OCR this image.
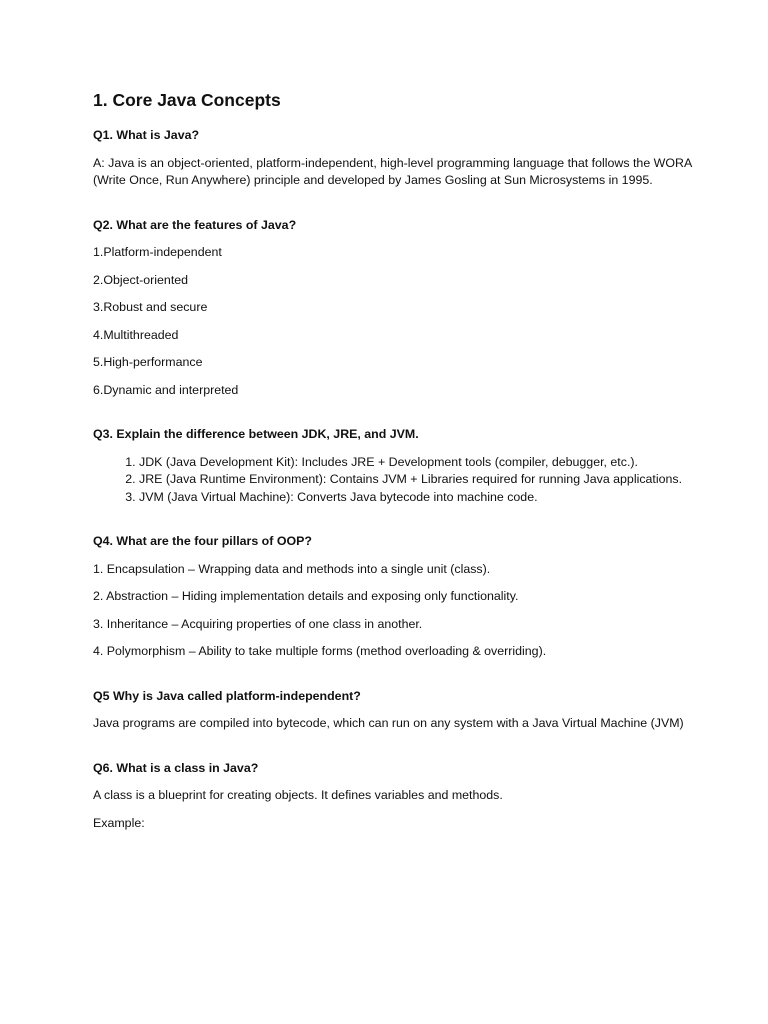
1. Core Java Concepts

Q1. What is Java?

A: Java is an object-oriented, platform-independent, high-level programming language that follows the WORA (Write Once, Run Anywhere) principle and developed by James Gosling at Sun Microsystems in 1995.

Q2. What are the features of Java?

1.Platform-independent

2.Object-oriented

3.Robust and secure

4.Multithreaded

5.High-performance

6.Dynamic and interpreted

Q3. Explain the difference between JDK, JRE, and JVM.

1. JDK (Java Development Kit): Includes JRE + Development tools (compiler, debugger, etc.).
2. JRE (Java Runtime Environment): Contains JVM + Libraries required for running Java applications.
3. JVM (Java Virtual Machine): Converts Java bytecode into machine code.

Q4. What are the four pillars of OOP?

1. Encapsulation – Wrapping data and methods into a single unit (class).

2. Abstraction – Hiding implementation details and exposing only functionality.

3. Inheritance – Acquiring properties of one class in another.

4. Polymorphism – Ability to take multiple forms (method overloading & overriding).

Q5 Why is Java called platform-independent?

Java programs are compiled into bytecode, which can run on any system with a Java Virtual Machine (JVM)

Q6. What is a class in Java?

A class is a blueprint for creating objects. It defines variables and methods.

Example:
